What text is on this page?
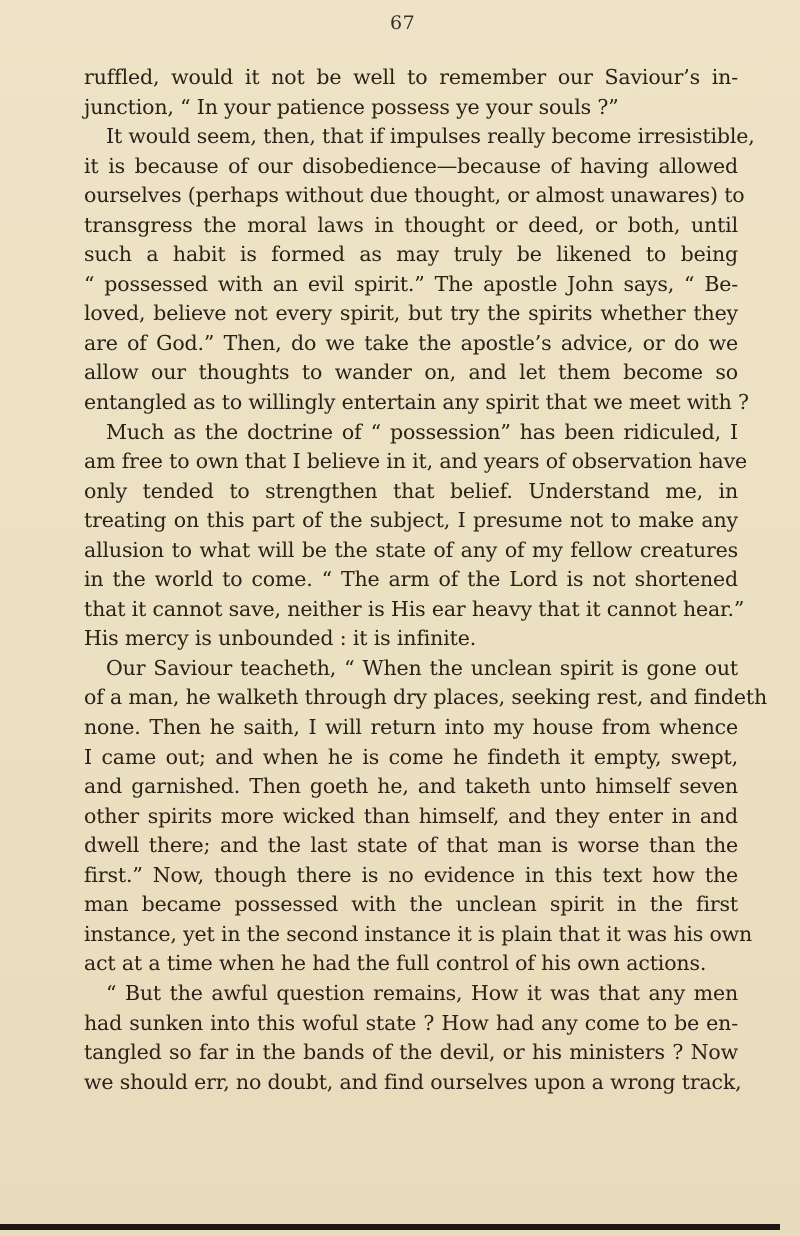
67
ruffled, would it not be well to remember our Saviour’s in-
junction, “ In your patience possess ye your souls ?”
It would seem, then, that if impulses really become irresistible,
it is because of our disobedience—because of having allowed
ourselves (perhaps without due thought, or almost unawares) to
transgress the moral laws in thought or deed, or both, until
such a habit is formed as may truly be likened to being
“ possessed with an evil spirit.” The apostle John says, “ Be-
loved, believe not every spirit, but try the spirits whether they
are of God.” Then, do we take the apostle’s advice, or do we
allow our thoughts to wander on, and let them become so
entangled as to willingly entertain any spirit that we meet with ?
Much as the doctrine of “ possession” has been ridiculed, I
am free to own that I believe in it, and years of observation have
only tended to strengthen that belief. Understand me, in
treating on this part of the subject, I presume not to make any
allusion to what will be the state of any of my fellow creatures
in the world to come. “ The arm of the Lord is not shortened
that it cannot save, neither is His ear heavy that it cannot hear.”
His mercy is unbounded : it is infinite.
Our Saviour teacheth, “ When the unclean spirit is gone out
of a man, he walketh through dry places, seeking rest, and findeth
none. Then he saith, I will return into my house from whence
I came out; and when he is come he findeth it empty, swept,
and garnished. Then goeth he, and taketh unto himself seven
other spirits more wicked than himself, and they enter in and
dwell there; and the last state of that man is worse than the
first.” Now, though there is no evidence in this text how the
man became possessed with the unclean spirit in the first
instance, yet in the second instance it is plain that it was his own
act at a time when he had the full control of his own actions.
“ But the awful question remains, How it was that any men
had sunken into this woful state ? How had any come to be en-
tangled so far in the bands of the devil, or his ministers ? Now
we should err, no doubt, and find ourselves upon a wrong track,
